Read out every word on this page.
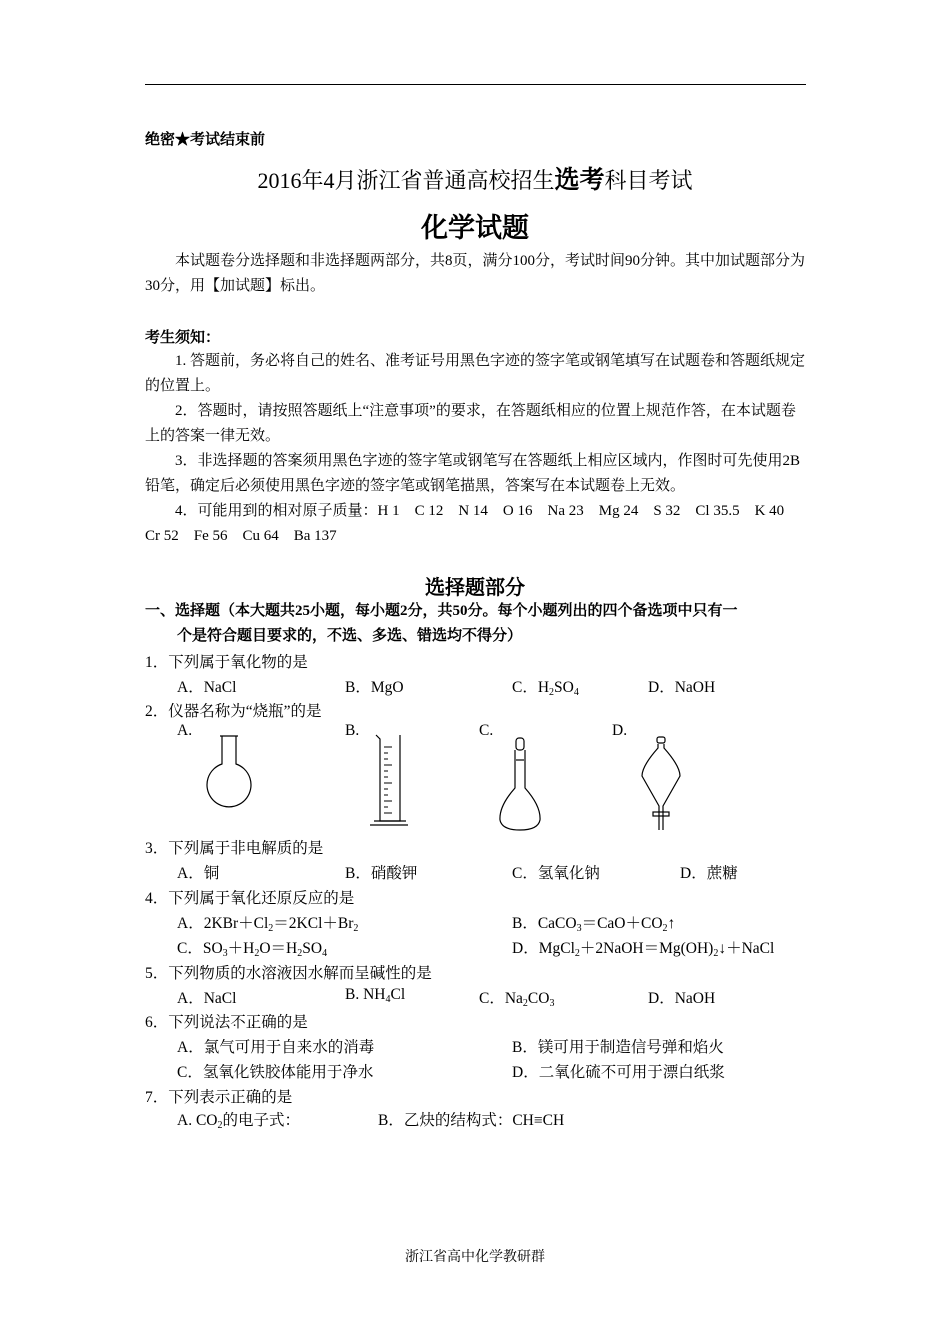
绝密★考试结束前
2016年4月浙江省普通高校招生选考科目考试
化学试题
本试题卷分选择题和非选择题两部分，共8页，满分100分，考试时间90分钟。其中加试题部分为30分，用【加试题】标出。
考生须知：
1. 答题前，务必将自己的姓名、准考证号用黑色字迹的签字笔或钢笔填写在试题卷和答题纸规定的位置上。
2．答题时，请按照答题纸上“注意事项”的要求，在答题纸相应的位置上规范作答，在本试题卷上的答案一律无效。
3．非选择题的答案须用黑色字迹的签字笔或钢笔写在答题纸上相应区域内，作图时可先使用2B铅笔，确定后必须使用黑色字迹的签字笔或钢笔描黑，答案写在本试题卷上无效。
4．可能用到的相对原子质量：H 1　C 12　N 14　O 16　Na 23　Mg 24　S 32　Cl 35.5　K 40　Cr 52　Fe 56　Cu 64　Ba 137
选择题部分
一、选择题（本大题共25小题，每小题2分，共50分。每个小题列出的四个备选项中只有一
个是符合题目要求的，不选、多选、错选均不得分）
1．下列属于氧化物的是
A．NaCl	B．MgO	C．$H_2SO_4$	D．NaOH
2．仪器名称为“烧瓶”的是
A.	B.	C.	D.
3．下列属于非电解质的是
A．铜	B．硝酸钾	C．氢氧化钠	D．蔗糖
4．下列属于氧化还原反应的是
A．$2KBr+Cl_2=2KCl+Br_2$	B．$CaCO_3=CaO+CO_2↑$
C．$SO_3+H_2O=H_2SO_4$	D．$MgCl_2+2NaOH=Mg(OH)_2↓+NaCl$
5．下列物质的水溶液因水解而呈碱性的是
A．NaCl	B. $NH_4Cl$	C．$Na_2CO_3$	D．NaOH
6．下列说法不正确 · ·的是
A．氯气可用于自来水的消毒	B．镁可用于制造信号弹和焰火
C．氢氧化铁胶体能用于净水	D．二氧化硫不可用于漂白纸浆
7．下列表示正确的是
A. $CO_2$的电子式：	B．乙炔的结构式：CH≡CH
浙江省高中化学教研群
